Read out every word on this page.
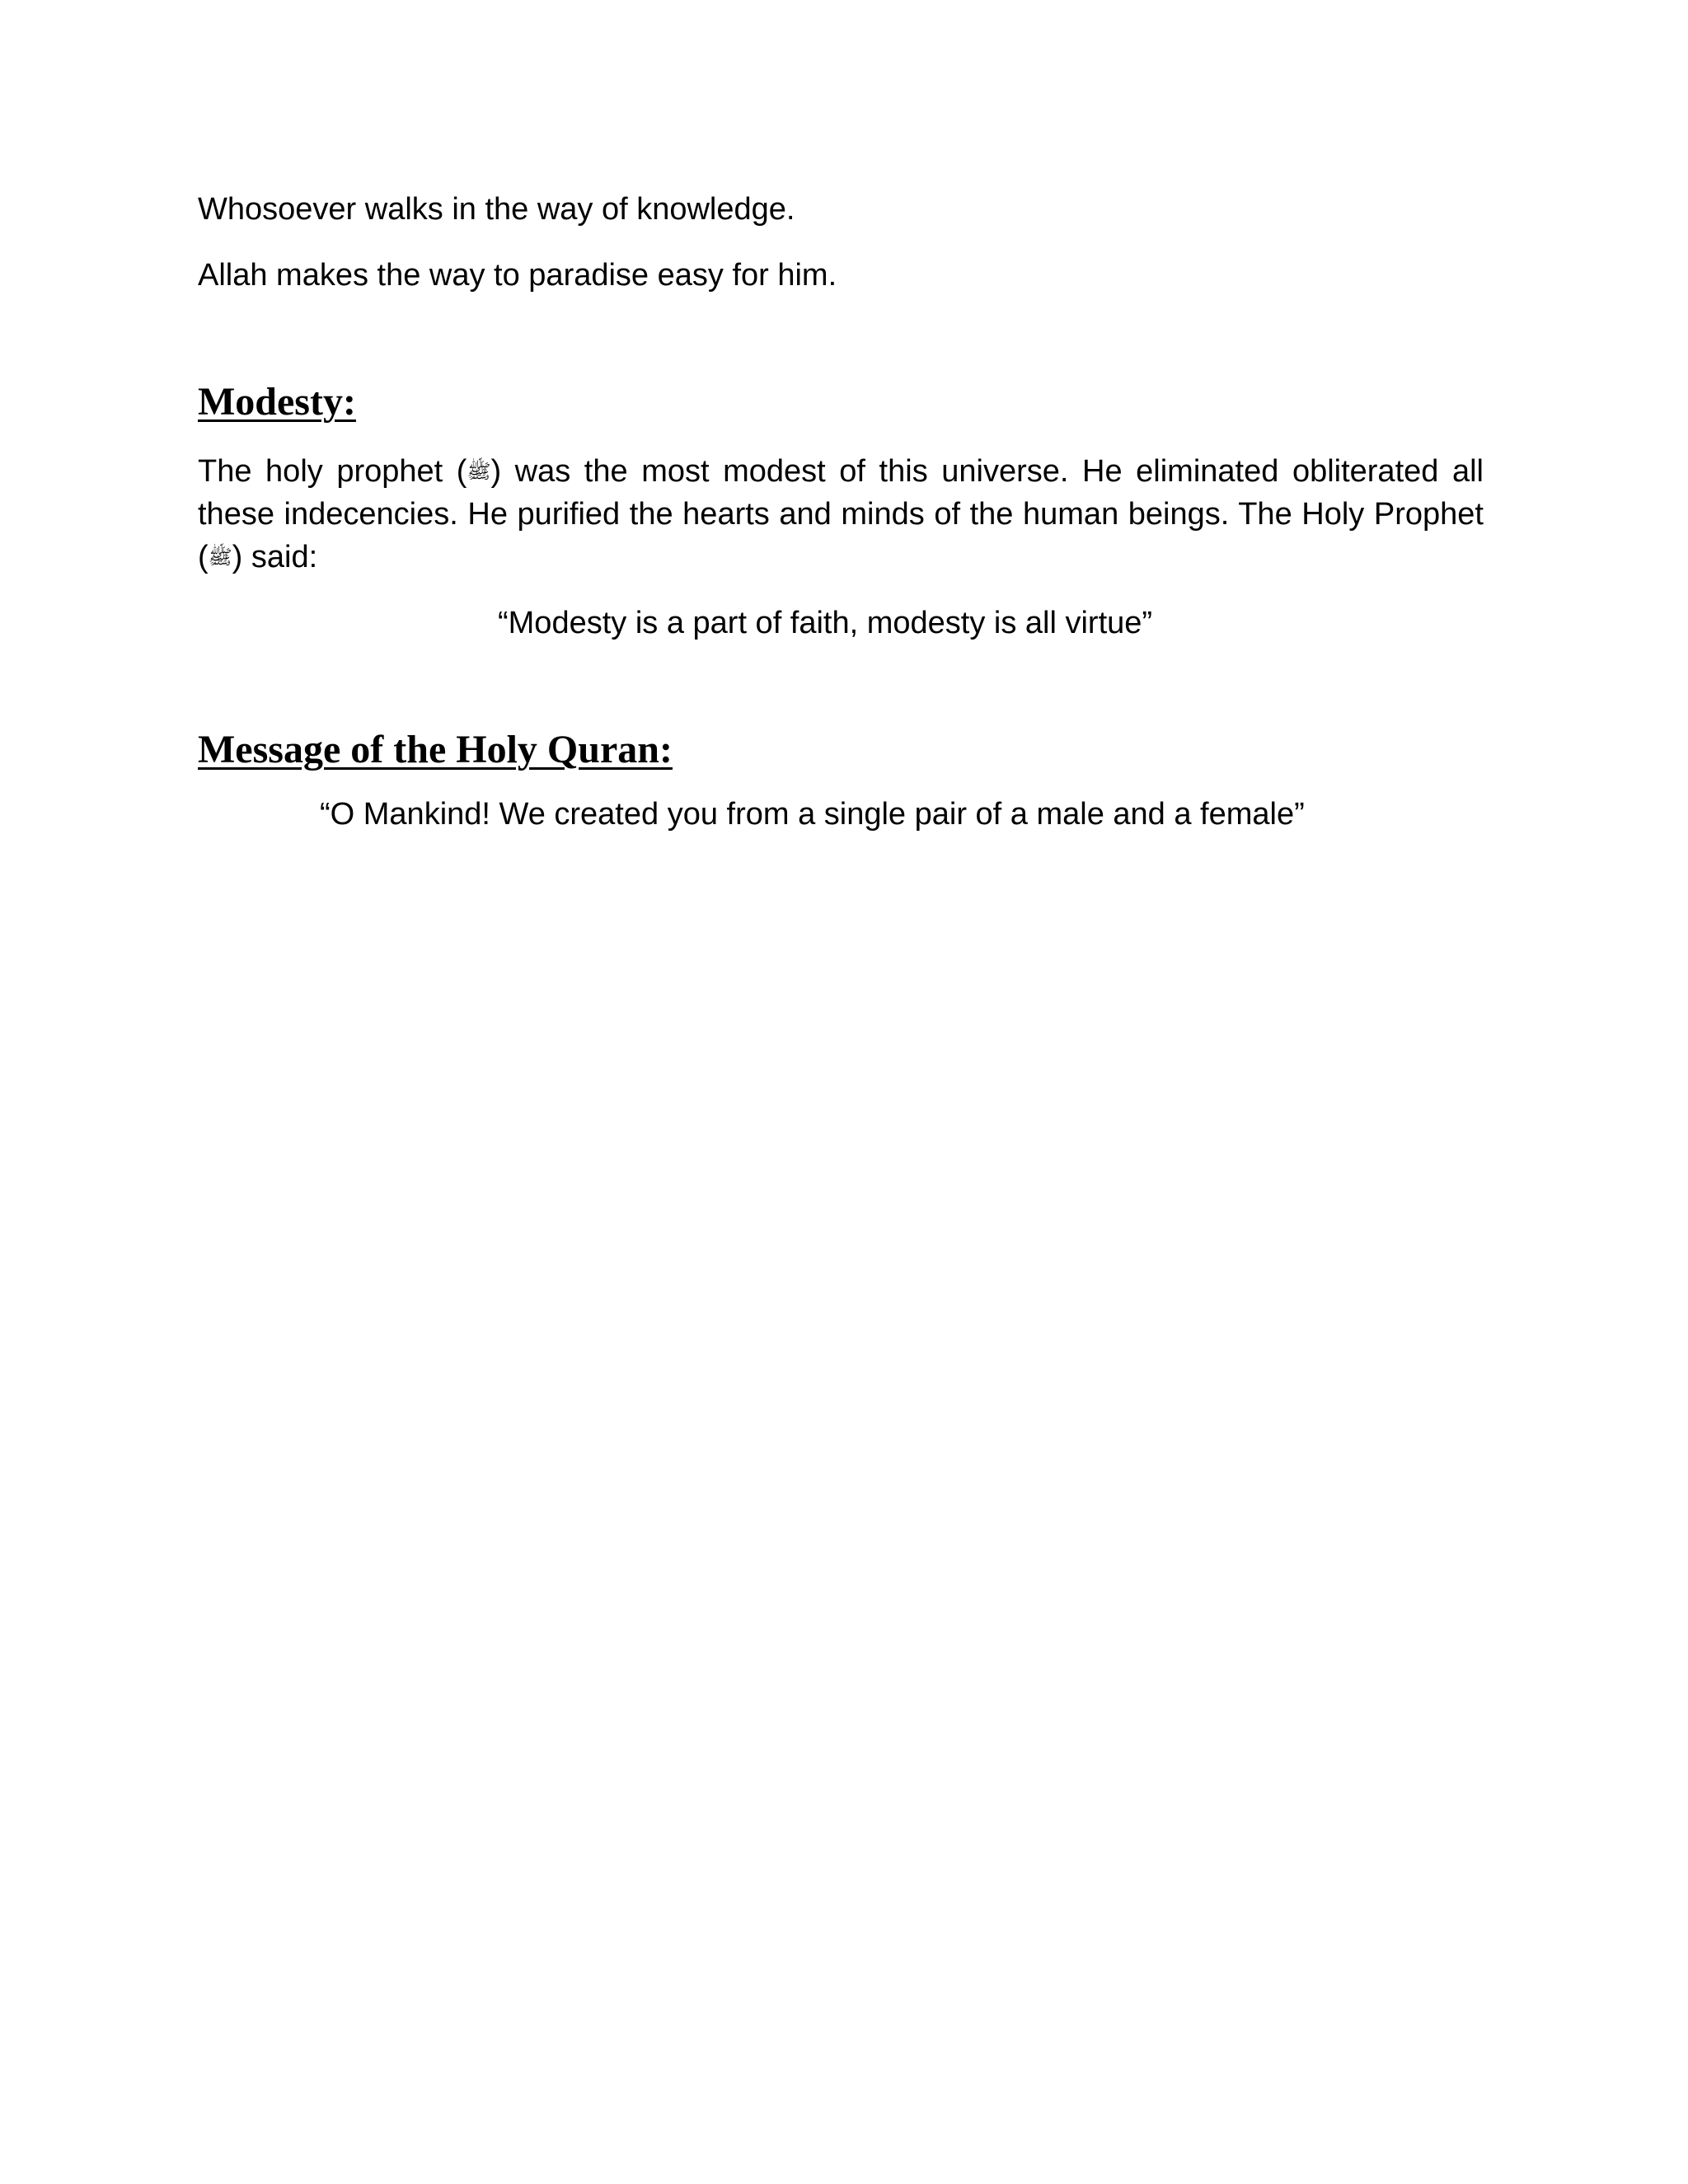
Whosoever walks in the way of knowledge.

Allah makes the way to paradise easy for him.

Modesty:

The holy prophet (ﷺ) was the most modest of this universe. He eliminated obliterated all these indecencies. He purified the hearts and minds of the human beings. The Holy Prophet (ﷺ) said:

“Modesty is a part of faith, modesty is all virtue”

Message of the Holy Quran:

“O Mankind! We created you from a single pair of a male and a female”
